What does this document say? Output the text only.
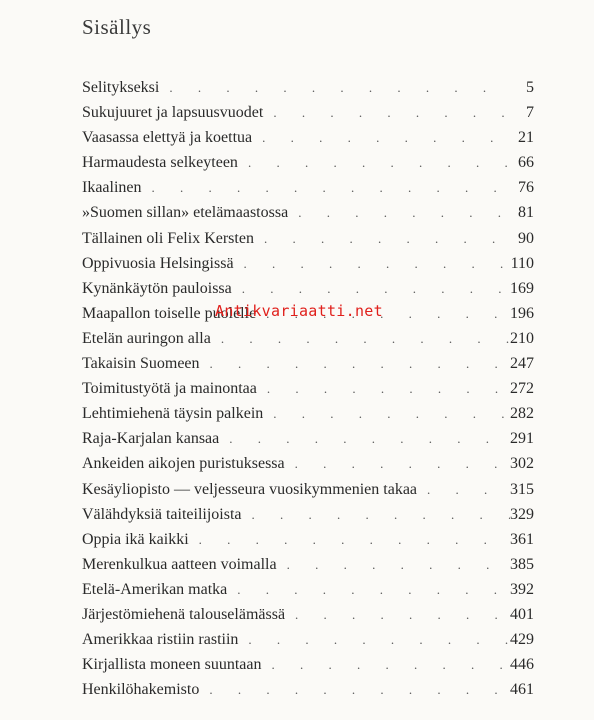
Sisällys
Selitykseksi . . .	5
Sukujuuret ja lapsuusvuodet . . .	7
Vaasassa elettyä ja koettua . . .	21
Harmaudesta selkeyteen . . .	66
Ikaalinen . . .	76
»Suomen sillan» etelämaastossa . . .	81
Tällainen oli Felix Kersten . . .	90
Oppivuosia Helsingissä . . .	110
Kynänkäytön pauloissa . . .	169
Maapallon toiselle puolelle . . .	196
Etelän auringon alla . . .	210
Takaisin Suomeen . . .	247
Toimitustyötä ja mainontaa . . .	272
Lehtimiehenä täysin palkein . . .	282
Raja-Karjalan kansaa . . .	291
Ankeiden aikojen puristuksessa . . .	302
Kesäyliopisto — veljesseura vuosikymmenien takaa . . .	315
Välähdyksiä taiteilijoista . . .	329
Oppia ikä kaikki . . .	361
Merenkulkua aatteen voimalla . . .	385
Etelä-Amerikan matka . . .	392
Järjestömiehenä talouselämässä . . .	401
Amerikkaa ristiin rastiin . . .	429
Kirjallista moneen suuntaan . . .	446
Henkilöhakemisto . . .	461
Antikvariaatti.net
